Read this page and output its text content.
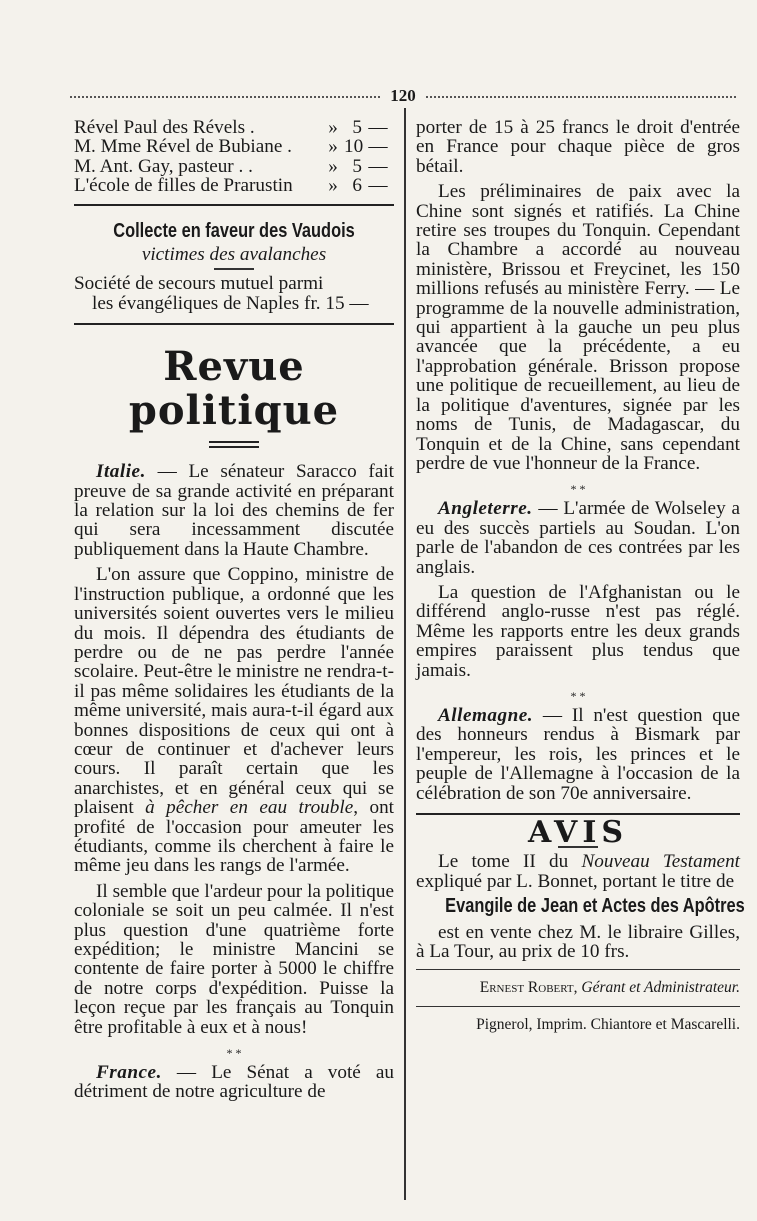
120
Rével Paul des Révels .	» 5 —
M. Mme Rével de Bubiane .	» 10 —
M. Ant. Gay, pasteur . .	» 5 —
L'école de filles de Prarustin	» 6 —
Collecte en faveur des Vaudois
victimes des avalanches
Société de secours mutuel parmi
les évangéliques de Naples fr. 15 —
Revue politique

Italie. — Le sénateur Saracco fait preuve de sa grande activité en préparant la relation sur la loi des chemins de fer qui sera incessamment discutée publiquement dans la Haute Chambre.

L'on assure que Coppino, ministre de l'instruction publique, a ordonné que les universités soient ouvertes vers le milieu du mois. Il dépendra des étudiants de perdre ou de ne pas perdre l'année scolaire. Peut-être le ministre ne rendra-t-il pas même solidaires les étudiants de la même université, mais aura-t-il égard aux bonnes dispositions de ceux qui ont à cœur de continuer et d'achever leurs cours. Il paraît certain que les anarchistes, et en général ceux qui se plaisent à pêcher en eau trouble, ont profité de l'occasion pour ameuter les étudiants, comme ils cherchent à faire le même jeu dans les rangs de l'armée.

Il semble que l'ardeur pour la politique coloniale se soit un peu calmée. Il n'est plus question d'une quatrième forte expédition; le ministre Mancini se contente de faire porter à 5000 le chiffre de notre corps d'expédition. Puisse la leçon reçue par les français au Tonquin être profitable à eux et à nous!

* *

France. — Le Sénat a voté au détriment de notre agriculture de

porter de 15 à 25 francs le droit d'entrée en France pour chaque pièce de gros bétail.

Les préliminaires de paix avec la Chine sont signés et ratifiés. La Chine retire ses troupes du Tonquin. Cependant la Chambre a accordé au nouveau ministère, Brissou et Freycinet, les 150 millions refusés au ministère Ferry. — Le programme de la nouvelle administration, qui appartient à la gauche un peu plus avancée que la précédente, a eu l'approbation générale. Brisson propose une politique de recueillement, au lieu de la politique d'aventures, signée par les noms de Tunis, de Madagascar, du Tonquin et de la Chine, sans cependant perdre de vue l'honneur de la France.

* *

Angleterre. — L'armée de Wolseley a eu des succès partiels au Soudan. L'on parle de l'abandon de ces contrées par les anglais.

La question de l'Afghanistan ou le différend anglo-russe n'est pas réglé. Même les rapports entre les deux grands empires paraissent plus tendus que jamais.

* *

Allemagne. — Il n'est question que des honneurs rendus à Bismark par l'empereur, les rois, les princes et le peuple de l'Allemagne à l'occasion de la célébration de son 70e anniversaire.

AVIS

Le tome II du Nouveau Testament expliqué par L. Bonnet, portant le titre de

Evangile de Jean et Actes des Apôtres

est en vente chez M. le libraire Gilles, à La Tour, au prix de 10 frs.

Ernest Robert, Gérant et Administrateur.
Pignerol, Imprim. Chiantore et Mascarelli.
